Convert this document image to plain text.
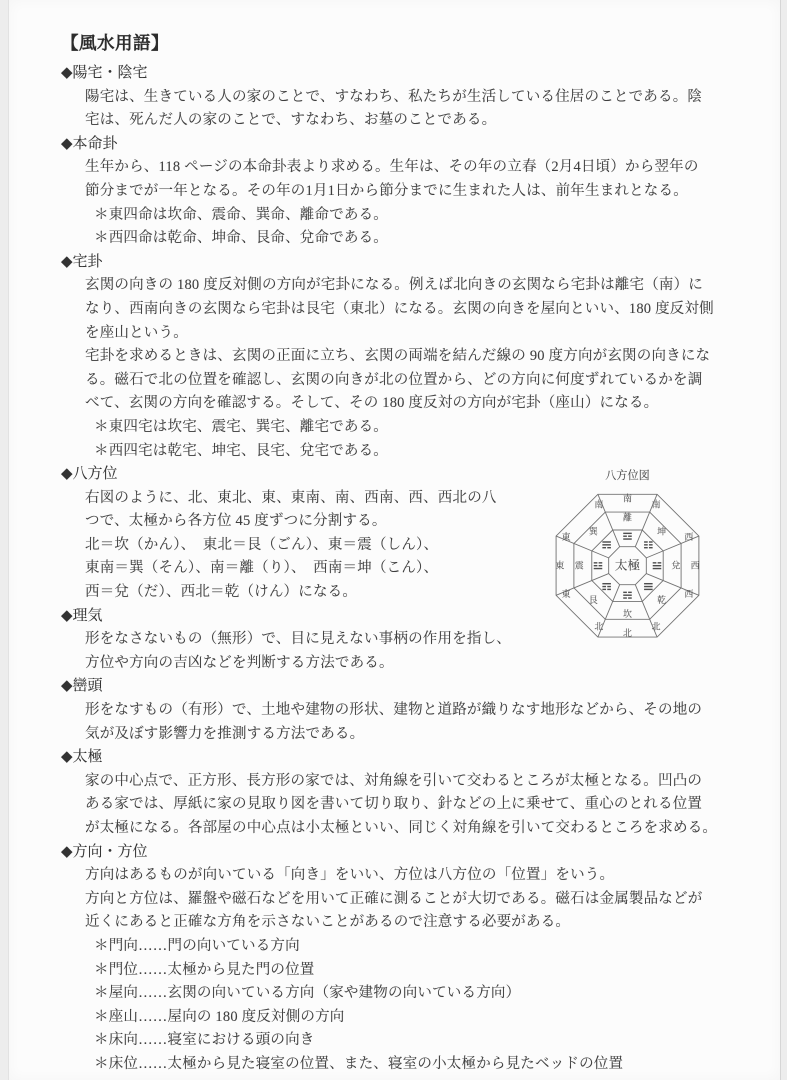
【風水用語】
◆陽宅・陰宅
陽宅は、生きている人の家のことで、すなわち、私たちが生活している住居のことである。陰
宅は、死んだ人の家のことで、すなわち、お墓のことである。
◆本命卦
生年から、118 ページの本命卦表より求める。生年は、その年の立春（2月4日頃）から翌年の
節分までが一年となる。その年の1月1日から節分までに生まれた人は、前年生まれとなる。
＊東四命は坎命、震命、巽命、離命である。
＊西四命は乾命、坤命、艮命、兌命である。
◆宅卦
玄関の向きの 180 度反対側の方向が宅卦になる。例えば北向きの玄関なら宅卦は離宅（南）に
なり、西南向きの玄関なら宅卦は艮宅（東北）になる。玄関の向きを屋向といい、180 度反対側
を座山という。
宅卦を求めるときは、玄関の正面に立ち、玄関の両端を結んだ線の 90 度方向が玄関の向きにな
る。磁石で北の位置を確認し、玄関の向きが北の位置から、どの方向に何度ずれているかを調
べて、玄関の方向を確認する。そして、その 180 度反対の方向が宅卦（座山）になる。
＊東四宅は坎宅、震宅、巽宅、離宅である。
＊西四宅は乾宅、坤宅、艮宅、兌宅である。
八方位図
南
西
北
東
南
西
南
東
北
東
北
西
離
坤
兌
乾
坎
艮
震
巽
太極
◆八方位
右図のように、北、東北、東、東南、南、西南、西、西北の八
つで、太極から各方位 45 度ずつに分割する。
北＝坎（かん）、　東北＝艮（ごん）、東＝震（しん）、
東南＝巽（そん）、南＝離（り）、　西南＝坤（こん）、
西＝兌（だ）、西北＝乾（けん）になる。
◆理気
形をなさないもの（無形）で、目に見えない事柄の作用を指し、
方位や方向の吉凶などを判断する方法である。
◆巒頭
形をなすもの（有形）で、土地や建物の形状、建物と道路が織りなす地形などから、その地の
気が及ぼす影響力を推測する方法である。
◆太極
家の中心点で、正方形、長方形の家では、対角線を引いて交わるところが太極となる。凹凸の
ある家では、厚紙に家の見取り図を書いて切り取り、針などの上に乗せて、重心のとれる位置
が太極になる。各部屋の中心点は小太極といい、同じく対角線を引いて交わるところを求める。
◆方向・方位
方向はあるものが向いている「向き」をいい、方位は八方位の「位置」をいう。
方向と方位は、羅盤や磁石などを用いて正確に測ることが大切である。磁石は金属製品などが
近くにあると正確な方角を示さないことがあるので注意する必要がある。
＊門向……門の向いている方向
＊門位……太極から見た門の位置
＊屋向……玄関の向いている方向（家や建物の向いている方向）
＊座山……屋向の 180 度反対側の方向
＊床向……寝室における頭の向き
＊床位……太極から見た寝室の位置、また、寝室の小太極から見たベッドの位置
